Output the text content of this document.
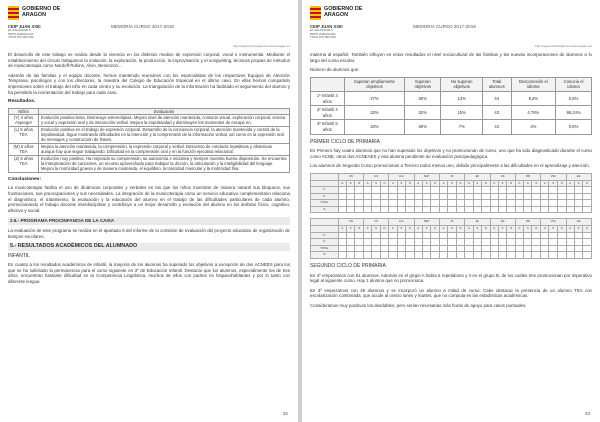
GOBIERNO DE ARAGON
CEIP JUAN XXIII
EL SALVADOR 6
50670 ZARAGOZA
TFNO 976 000 000
MEMORIA CURSO 2017-2018
http://cpjuanxxiiizaragoza.educa.aragon.es

El desarrollo de este trabajo se realiza desde la vivencia en los distintos medios de expresión corporal, vocal e instrumental. Mediante el establecimiento del círculo trabajamos la imitación, la exploración, la producción, la improvisación y el songwriting, técnicas propias de métodos de musicoterapia como Nordoff-Robins, Alvin, Benenzon...

Además de las familias y el equipo docente, hemos mantenido reuniones con los especialistas de los respectivos Equipos de Atención Temprana, psicólogos y con los directores, la maestra del Colegio de Educación Especial en el último caso. En ellas hemos compartido impresiones sobre el trabajo del niño en cada centro y su evolución. La triangulación de la información ha facilitado el seguimiento del alumno y ha permitido la reorientación del trabajo para cada caso.

Resultados.
Niños	Evaluación
(Y) 3 años Asperger	Evolución positiva lenta. Disminuye estereotipias. Mejora nivel de atención mantenida, contacto visual, exploración corporal, sonora y vocal y expresión oral y de interacción verbal. Mejora la impulsividad y disminuyen los momentos de escape en.
(L) 5 años TEA	Evolución positiva en el trabajo de expresión corporal. Desarrollo de la conciencia corporal, la atención mantenida y control de la impulsividad. Sigue mostrando dificultades en la intención y la comprensión de la información verbal, así como en la expresión oral de mensajes y construcción de frases.
(M) 5 años TEA	Mejora la atención mantenida, la comprensión, la expresión corporal y verbal. Descenso de conducta repetitivas y obsesivas aunque hay que seguir trabajando. Dificultad en la comprensión oral y en la función ejecutiva relacional.
(Z) 6 años TEA	Evolución muy positiva. Ha mejorado su comprensión, su autonomía e iniciativa y siempre muestra buena disposición. Se encuentra la interpretación de canciones, un recurso aprovechado para trabajar la dicción, la articulación y la inteligibilidad del lenguaje. Mejora la motricidad gruesa y de manera moderada, el equilibrio, la tonicidad muscular y la motricidad fina.
Conclusiones:

La musicoterapia facilita el uso de dinámicas corporales y verbales en las que los niños muestran de manera natural sus bloqueos, sus frustraciones, sus preocupaciones y sus necesidades. La integración de la musicoterapia como un servicio educativo complementario relaciona el diagnóstico, el tratamiento, la evaluación y la educación del alumno en el trabajo de las dificultades particulares de cada alumno, promocionando el trabajo docente interdisciplinar y contribuye a un mejor desarrollo y evolución del alumno en los ámbitos físico, cognitivo, afectivo y social.

2.6.- PROGRAMA PROCINFANCIA DE LA CAIXA

La evaluación de este programa se realiza en el apartado 6 del informe de la comisión de evaluación del proyecto educativo de organización de tiempos escolares.

5.- RESULTADOS ACADÉMICOS DEL ALUMNADO
INFANTIL

En cuanto a los resultados académicos de infantil, la mayoría de los alumnos ha superado los objetivos a excepción de dos ACNEES para los que se ha solicitado la permanencia para el curso siguiente en 3º de Educación Infantil. Destacar que los alumnos, especialmente los de tres años, encuentran bastante dificultad en la Competencia Lingüística, muchos de ellos con padres no hispanohablantes y por lo tanto con diferente lengua

32
GOBIERNO DE ARAGON
CEIP JUAN XXIII
EL SALVADOR 6
50670 ZARAGOZA
TFNO 976 000 000
MEMORIA CURSO 2017-2018
http://cpjuanxxiiizaragoza.educa.aragon.es

materna al español. También influyen en estos resultados el nivel sociocultural de las familias y las nuevas incorporaciones de alumnos a lo largo del curso escolar.

Número de alumnos que:

	Superan ampliamente objetivos	Superan objetivos	No superan objetivos	Total alumnos	Desconexión el idioma	Conocia el idioma
1º Infantil 3 años	27%	60%	13%	44	9,4%	0,6%
2º Infantil 4 años	33%	52%	15%	43	4,76%	95,24%
3º Infantil 5 años	33%	60%	7%	43	2%	0,6%
PRIMER CICLO DE PRIMARIA

En Primero hay cuatro alumnos que no han superado los objetivos y no promocionan de curso, uno que ha sido diagnosticado durante el curso como ACNE, otros dos ACNEAES y otra alumna pendiente de evaluación psicopedagógica.

Los alumnos de Segundo Curso promocionan a Tercero todos menos uno, debido principalmente a las dificultades en el aprendizaje y atención.

	CN			CS			LCL			MAT			IN			EF			RC			RR			VSC			EA		
	A	S	N	A	S	N	A	S	N	A	S	N	A	S	N	A	S	N	A	S	N	A	S	N	A	S	N	A	S	N
1º																														
2º																														
TOTAL																														
%																														
	CN			CS			LCL			MAT			IN			EF			RC			RR			VSC			EA		
	A	S	N	A	S	N	A	S	N	A	S	N	A	S	N	A	S	N	A	S	N	A	S	N	A	S	N	A	S	N
1º																														
2º																														
TOTAL																														
%																														
SEGUNDO CICLO DE PRIMARIA

En 4º empezamos con 51 alumnos. Además en el grupo A había 5 repetidores y 4 en el grupo B, de los cuales tres promocionan por imperativo legal al siguiente curso. Hay 1 alumno que no promociona.

En 3º empezamos con 49 alumnos y se incorporó un alumno a mitad de curso. Cabe destacar la presencia de un alumno TEA con escolarización combinada, que acude al centro lunes y martes, que no computa en las estadísticas académicas.

Consideramos muy positivos los desdobles, pero serían necesarias más horas de apoyo para casos puntuales.

33
